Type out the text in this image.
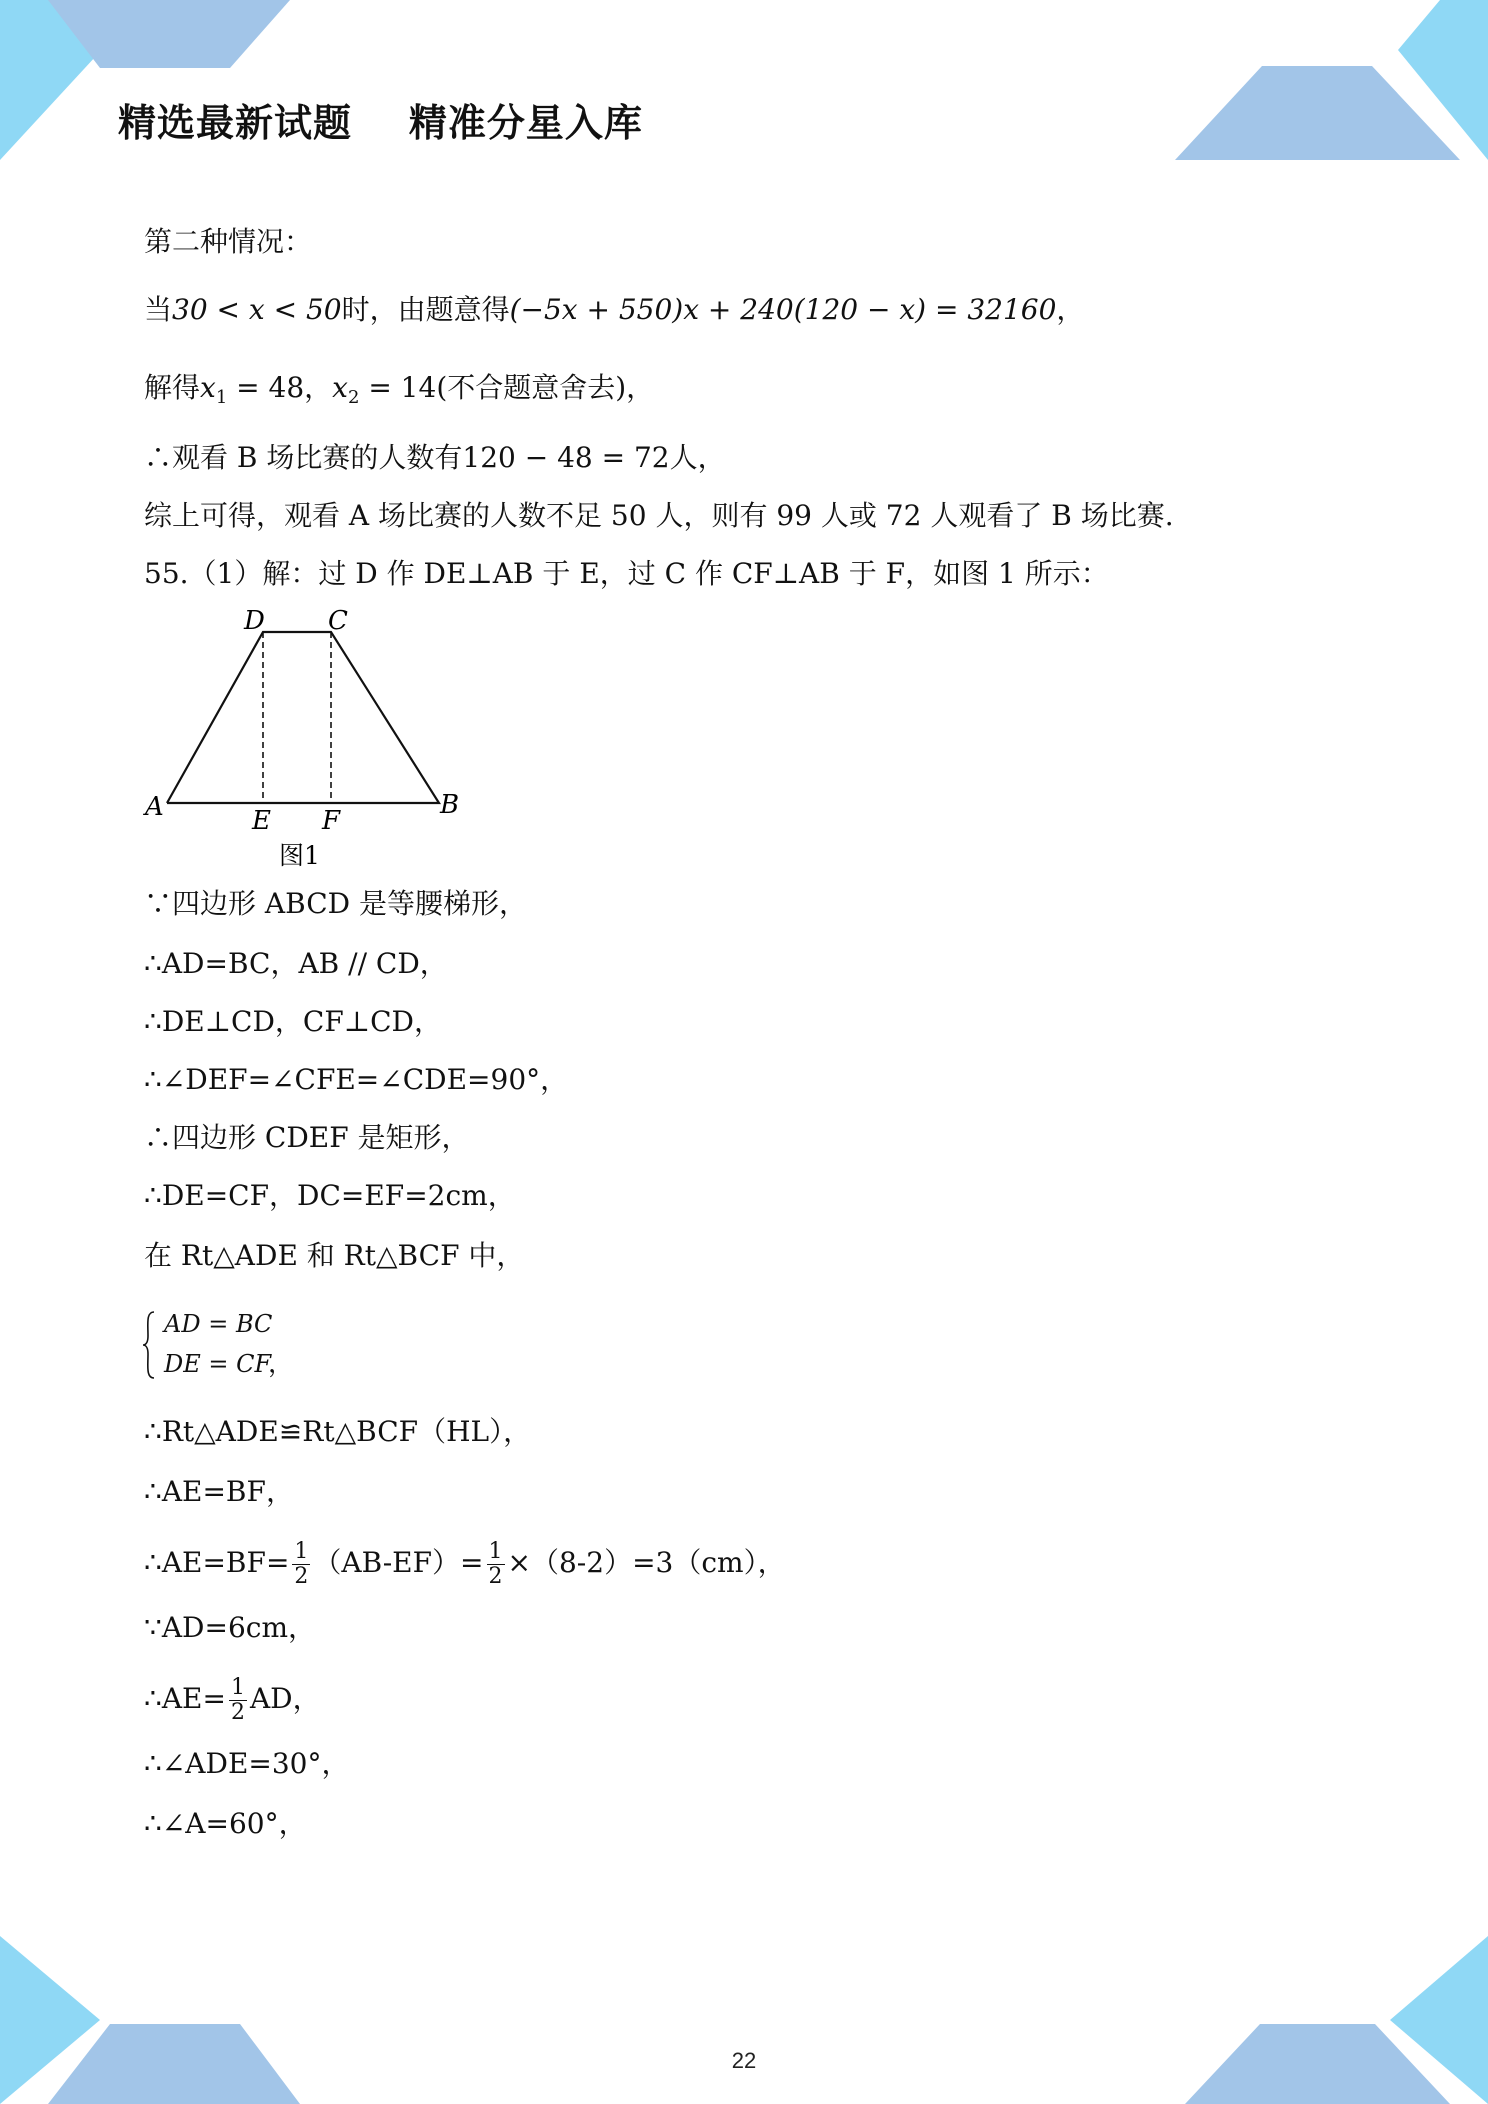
精选最新试题    精准分星入库
第二种情况：
当30 < x < 50时，由题意得(−5x + 550)x + 240(120 − x) = 32160，
解得$x_1 = 48$，$x_2 = 14$(不合题意舍去)，
∴观看 B 场比赛的人数有120 − 48 = 72人，
综上可得，观看 A 场比赛的人数不足 50 人，则有 99 人或 72 人观看了 B 场比赛.
55.（1）解：过 D 作 DE⊥AB 于 E，过 C 作 CF⊥AB 于 F，如图 1 所示：
D C
A	B
E F
图1
∵四边形 ABCD 是等腰梯形，
∴AD=BC，AB // CD，
∴DE⊥CD，CF⊥CD，
∴∠DEF=∠CFE=∠CDE=90°，
∴四边形 CDEF 是矩形，
∴DE=CF，DC=EF=2cm，
在 Rt△ADE 和 Rt△BCF 中，
AD = BC
DE = CF
，
∴Rt△ADE≌Rt△BCF（HL），
∴AE=BF，
∴AE=BF= $\frac{1}{2} (AB-EF)= \frac{1}{2} \times(8-2)=3(cm)$，
∵AD=6cm，
∴AE= $\frac{1}{2}$ AD，
∴∠ADE=30°，
∴∠A=60°，
22
